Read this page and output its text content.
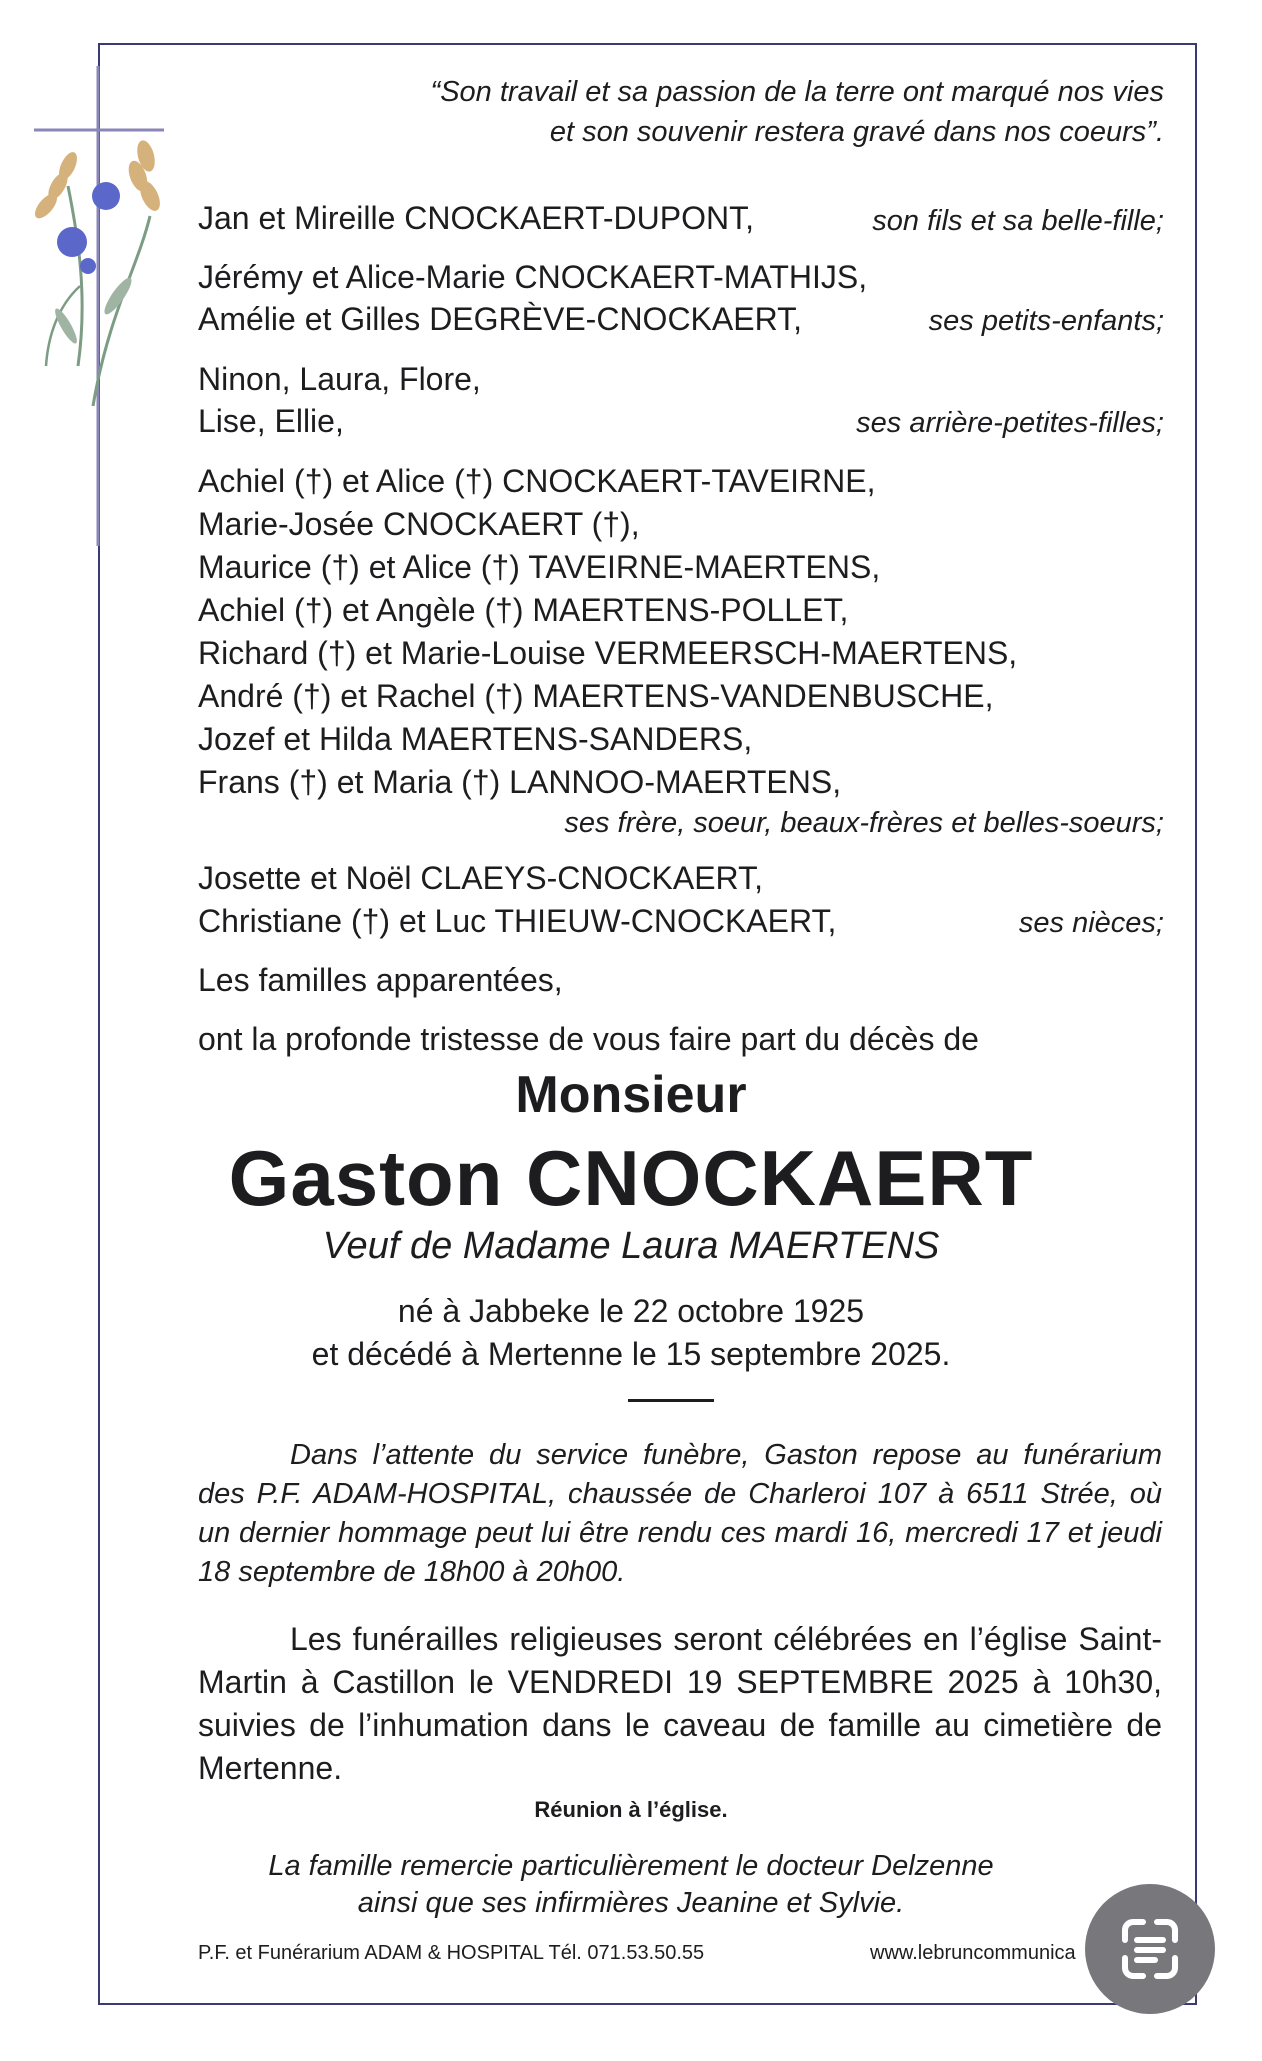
“Son travail et sa passion de la terre ont marqué nos vies
et son souvenir restera gravé dans nos coeurs”.
Jan et Mireille CNOCKAERT-DUPONT,	son fils et sa belle-fille;
Jérémy et Alice-Marie CNOCKAERT-MATHIJS,
Amélie et Gilles DEGRÈVE-CNOCKAERT,	ses petits-enfants;
Ninon, Laura, Flore,
Lise, Ellie,	ses arrière-petites-filles;
Achiel (†) et Alice (†) CNOCKAERT-TAVEIRNE,
Marie-Josée CNOCKAERT (†),
Maurice (†) et Alice (†) TAVEIRNE-MAERTENS,
Achiel (†) et Angèle (†) MAERTENS-POLLET,
Richard (†) et Marie-Louise VERMEERSCH-MAERTENS,
André (†) et Rachel (†) MAERTENS-VANDENBUSCHE,
Jozef et Hilda MAERTENS-SANDERS,
Frans (†) et Maria (†) LANNOO-MAERTENS,
ses frère, soeur, beaux-frères et belles-soeurs;
Josette et Noël CLAEYS-CNOCKAERT,
Christiane (†) et Luc THIEUW-CNOCKAERT,	ses nièces;
Les familles apparentées,
ont la profonde tristesse de vous faire part du décès de
Monsieur
Gaston CNOCKAERT
Veuf de Madame Laura MAERTENS
né à Jabbeke le 22 octobre 1925
et décédé à Mertenne le 15 septembre 2025.
Dans l’attente du service funèbre, Gaston repose au funérarium des P.F. ADAM-HOSPITAL, chaussée de Charleroi 107 à 6511 Strée, où un dernier hommage peut lui être rendu ces mardi 16, mercredi 17 et jeudi 18 septembre de 18h00 à 20h00.
Les funérailles religieuses seront célébrées en l’église Saint-Martin à Castillon le VENDREDI 19 SEPTEMBRE 2025 à 10h30, suivies de l’inhumation dans le caveau de famille au cimetière de Mertenne.
Réunion à l’église.
La famille remercie particulièrement le docteur Delzenne
ainsi que ses infirmières Jeanine et Sylvie.
P.F. et Funérarium ADAM & HOSPITAL Tél. 071.53.50.55	www.lebruncommunica
